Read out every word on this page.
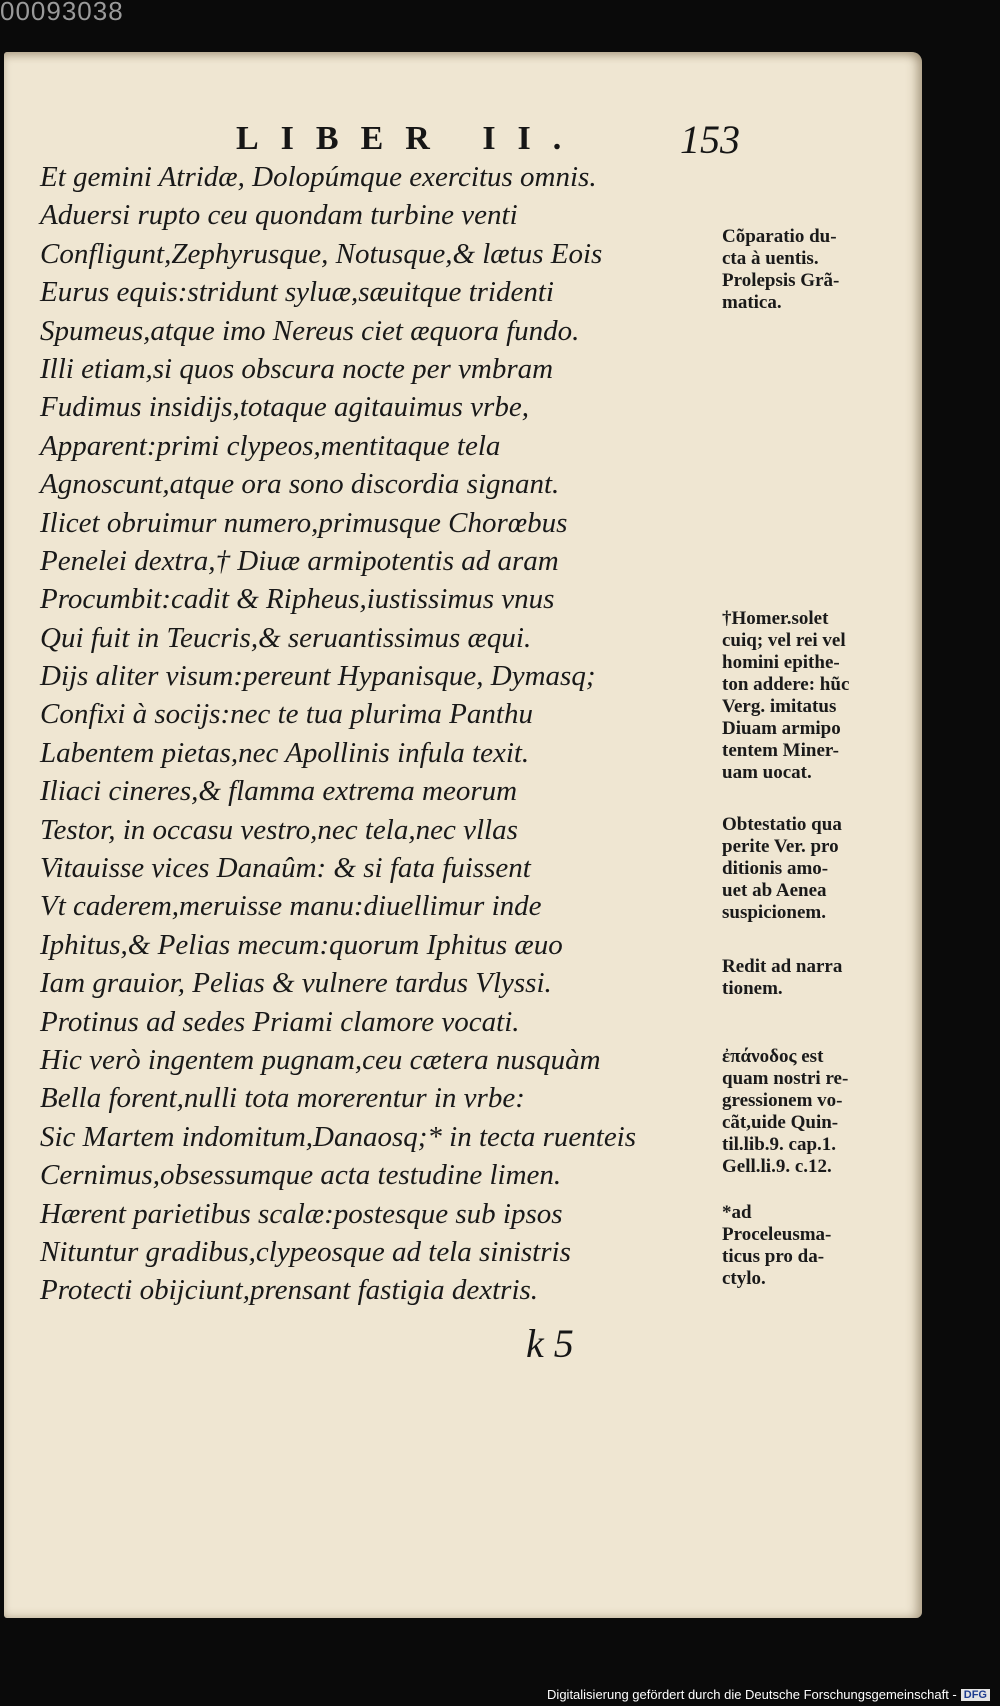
00093038
LIBER II. 153
Et gemini Atridæ, Dolopúmque exercitus omnis.
Aduersi rupto ceu quondam turbine venti
Confligunt,Zephyrusque, Notusque,& lætus Eois
Eurus equis:stridunt syluæ,sæuitque tridenti
Spumeus,atque imo Nereus ciet æquora fundo.
Illi etiam,si quos obscura nocte per vmbram
Fudimus insidijs,totaque agitauimus vrbe,
Apparent:primi clypeos,mentitaque tela
Agnoscunt,atque ora sono discordia signant.
Ilicet obruimur numero,primusque Chorœbus
Penelei dextra,† Diuæ armipotentis ad aram
Procumbit:cadit & Ripheus,iustissimus vnus
Qui fuit in Teucris,& seruantissimus æqui.
Dijs aliter visum:pereunt Hypanisque, Dymasq;
Confixi à socijs:nec te tua plurima Panthu
Labentem pietas,nec Apollinis infula texit.
Iliaci cineres,& flamma extrema meorum
Testor, in occasu vestro,nec tela,nec vllas
Vitauisse vices Danaûm: & si fata fuissent
Vt caderem,meruisse manu:diuellimur inde
Iphitus,& Pelias mecum:quorum Iphitus æuo
Iam grauior, Pelias & vulnere tardus Vlyssi.
Protinus ad sedes Priami clamore vocati.
Hic verò ingentem pugnam,ceu cætera nusquàm
Bella forent,nulli tota morerentur in vrbe:
Sic Martem indomitum,Danaosq;* in tecta ruenteis
Cernimus,obsessumque acta testudine limen.
Hærent parietibus scalæ:postesque sub ipsos
Nituntur gradibus,clypeosque ad tela sinistris
Protecti obijciunt,prensant fastigia dextris.
Cõparatio du-
cta à uentis.
Prolepsis Grã-
matica.
†Homer.solet
cuiq; vel rei vel
homini epithe-
ton addere: hũc
Verg. imitatus
Diuam armipo
tentem Miner-
uam uocat.
Obtestatio qua
perite Ver. pro
ditionis amo-
uet ab Aenea
suspicionem.
Redit ad narra
tionem.
ἐπάνοδος est
quam nostri re-
gressionem vo-
cãt,uide Quin-
til.lib.9. cap.1.
Gell.li.9. c.12.
*ad
Proceleusma-
ticus pro da-
ctylo.
k 5
Digitalisierung gefördert durch die Deutsche Forschungsgemeinschaft - DFG
